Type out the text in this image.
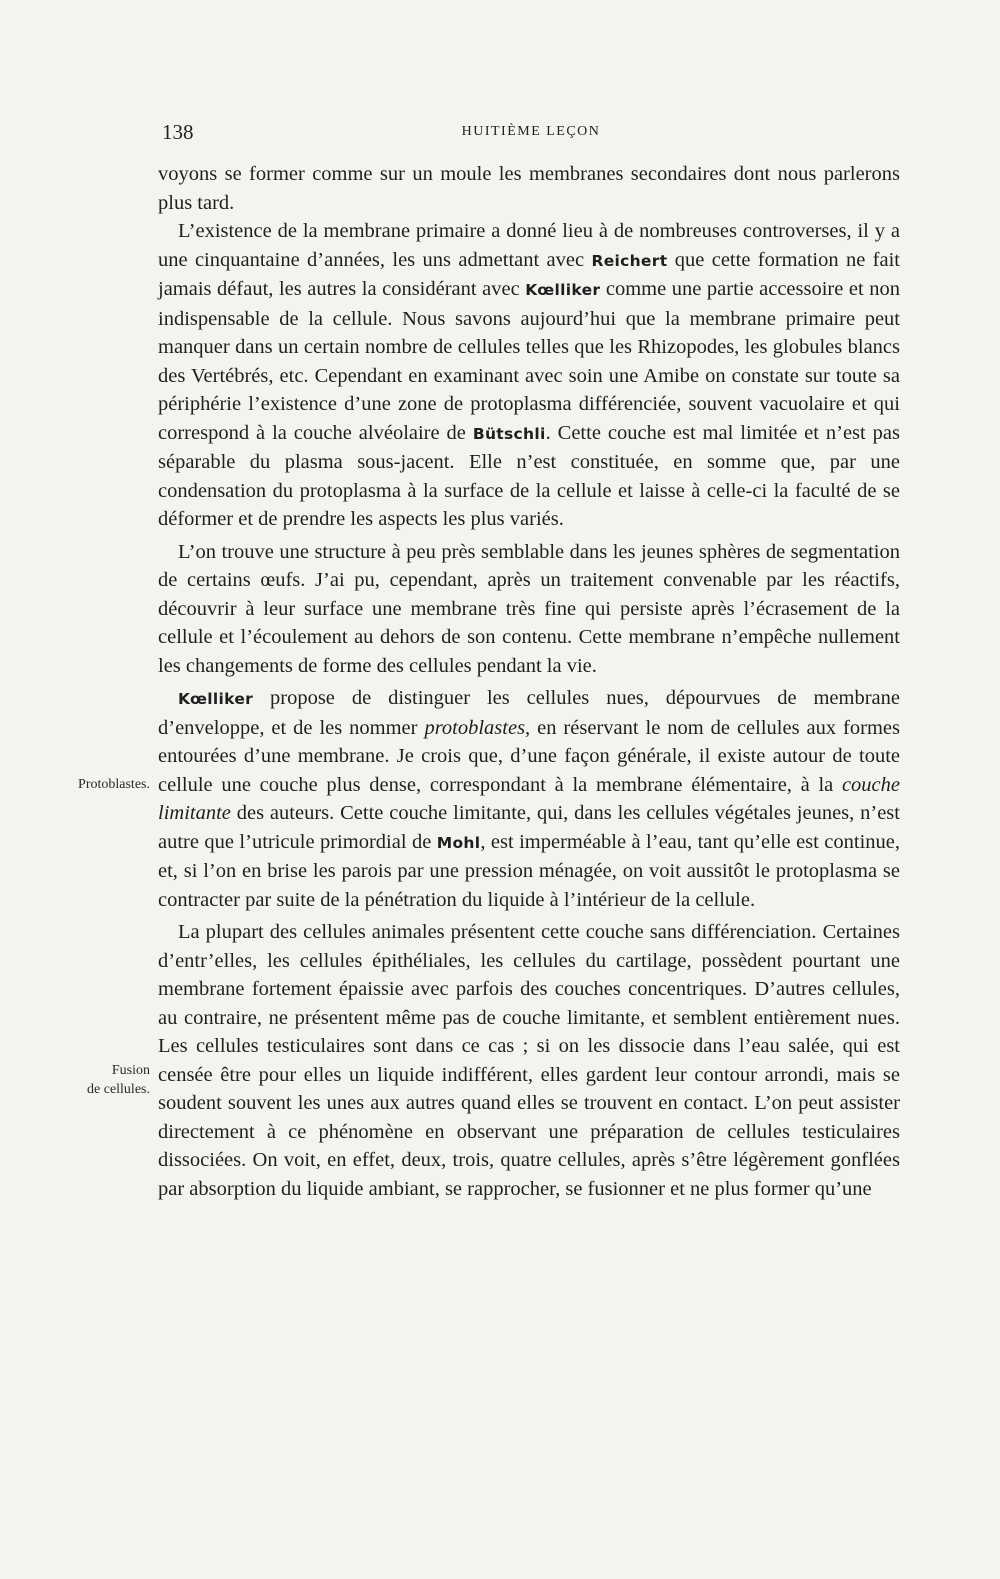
138	HUITIÈME LEÇON
Protoblastes.
Fusion
de cellules.

voyons se former comme sur un moule les membranes secondaires dont nous parlerons plus tard.

L’existence de la membrane primaire a donné lieu à de nombreuses controverses, il y a une cinquantaine d’années, les uns admettant avec Reichert que cette formation ne fait jamais défaut, les autres la considérant avec Kœlliker comme une partie accessoire et non indispensable de la cellule. Nous savons aujourd’hui que la membrane primaire peut manquer dans un certain nombre de cellules telles que les Rhizopodes, les globules blancs des Vertébrés, etc. Cependant en examinant avec soin une Amibe on constate sur toute sa périphérie l’existence d’une zone de protoplasma différenciée, souvent vacuolaire et qui correspond à la couche alvéolaire de Bütschli. Cette couche est mal limitée et n’est pas séparable du plasma sous-jacent. Elle n’est constituée, en somme que, par une condensation du protoplasma à la surface de la cellule et laisse à celle-ci la faculté de se déformer et de prendre les aspects les plus variés.

L’on trouve une structure à peu près semblable dans les jeunes sphères de segmentation de certains œufs. J’ai pu, cependant, après un traitement convenable par les réactifs, découvrir à leur surface une membrane très fine qui persiste après l’écrasement de la cellule et l’écoulement au dehors de son contenu. Cette membrane n’empêche nullement les changements de forme des cellules pendant la vie.

Kœlliker propose de distinguer les cellules nues, dépourvues de membrane d’enveloppe, et de les nommer protoblastes, en réservant le nom de cellules aux formes entourées d’une membrane. Je crois que, d’une façon générale, il existe autour de toute cellule une couche plus dense, correspondant à la membrane élémentaire, à la couche limitante des auteurs. Cette couche limitante, qui, dans les cellules végétales jeunes, n’est autre que l’utricule primordial de Mohl, est imperméable à l’eau, tant qu’elle est continue, et, si l’on en brise les parois par une pression ménagée, on voit aussitôt le protoplasma se contracter par suite de la pénétration du liquide à l’intérieur de la cellule.

La plupart des cellules animales présentent cette couche sans différenciation. Certaines d’entr’elles, les cellules épithéliales, les cellules du cartilage, possèdent pourtant une membrane fortement épaissie avec parfois des couches concentriques. D’autres cellules, au contraire, ne présentent même pas de couche limitante, et semblent entièrement nues. Les cellules testiculaires sont dans ce cas ; si on les dissocie dans l’eau salée, qui est censée être pour elles un liquide indifférent, elles gardent leur contour arrondi, mais se soudent souvent les unes aux autres quand elles se trouvent en contact. L’on peut assister directement à ce phénomène en observant une préparation de cellules testiculaires dissociées. On voit, en effet, deux, trois, quatre cellules, après s’être légèrement gonflées par absorption du liquide ambiant, se rapprocher, se fusionner et ne plus former qu’une
